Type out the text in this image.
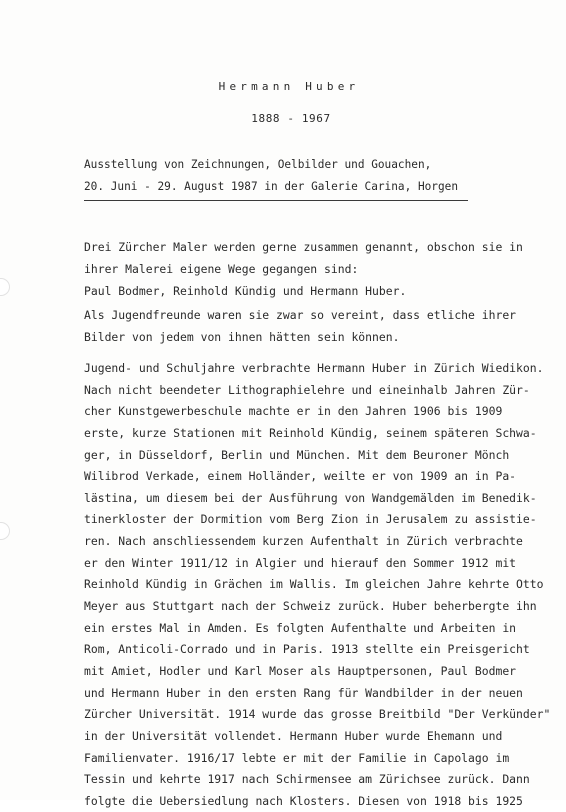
Hermann Huber
1888 - 1967
Ausstellung von Zeichnungen, Oelbilder und Gouachen,
20. Juni - 29. August 1987 in der Galerie Carina, Horgen
Drei Zürcher Maler werden gerne zusammen genannt, obschon sie in
ihrer Malerei eigene Wege gegangen sind:
Paul Bodmer, Reinhold Kündig und Hermann Huber.
Als Jugendfreunde waren sie zwar so vereint, dass etliche ihrer
Bilder von jedem von ihnen hätten sein können.
Jugend- und Schuljahre verbrachte Hermann Huber in Zürich Wiedikon.
Nach nicht beendeter Lithographielehre und eineinhalb Jahren Zür-
cher Kunstgewerbeschule machte er in den Jahren 1906 bis 1909
erste, kurze Stationen mit Reinhold Kündig, seinem späteren Schwa-
ger, in Düsseldorf, Berlin und München. Mit dem Beuroner Mönch
Wilibrod Verkade, einem Holländer, weilte er von 1909 an in Pa-
lästina, um diesem bei der Ausführung von Wandgemälden im Benedik-
tinerkloster der Dormition vom Berg Zion in Jerusalem zu assistie-
ren. Nach anschliessendem kurzen Aufenthalt in Zürich verbrachte
er den Winter 1911/12 in Algier und hierauf den Sommer 1912 mit
Reinhold Kündig in Grächen im Wallis. Im gleichen Jahre kehrte Otto
Meyer aus Stuttgart nach der Schweiz zurück. Huber beherbergte ihn
ein erstes Mal in Amden. Es folgten Aufenthalte und Arbeiten in
Rom, Anticoli-Corrado und in Paris. 1913 stellte ein Preisgericht
mit Amiet, Hodler und Karl Moser als Hauptpersonen, Paul Bodmer
und Hermann Huber in den ersten Rang für Wandbilder in der neuen
Zürcher Universität. 1914 wurde das grosse Breitbild "Der Verkünder"
in der Universität vollendet. Hermann Huber wurde Ehemann und
Familienvater. 1916/17 lebte er mit der Familie in Capolago im
Tessin und kehrte 1917 nach Schirmensee am Zürichsee zurück. Dann
folgte die Uebersiedlung nach Klosters. Diesen von 1918 bis 1925
